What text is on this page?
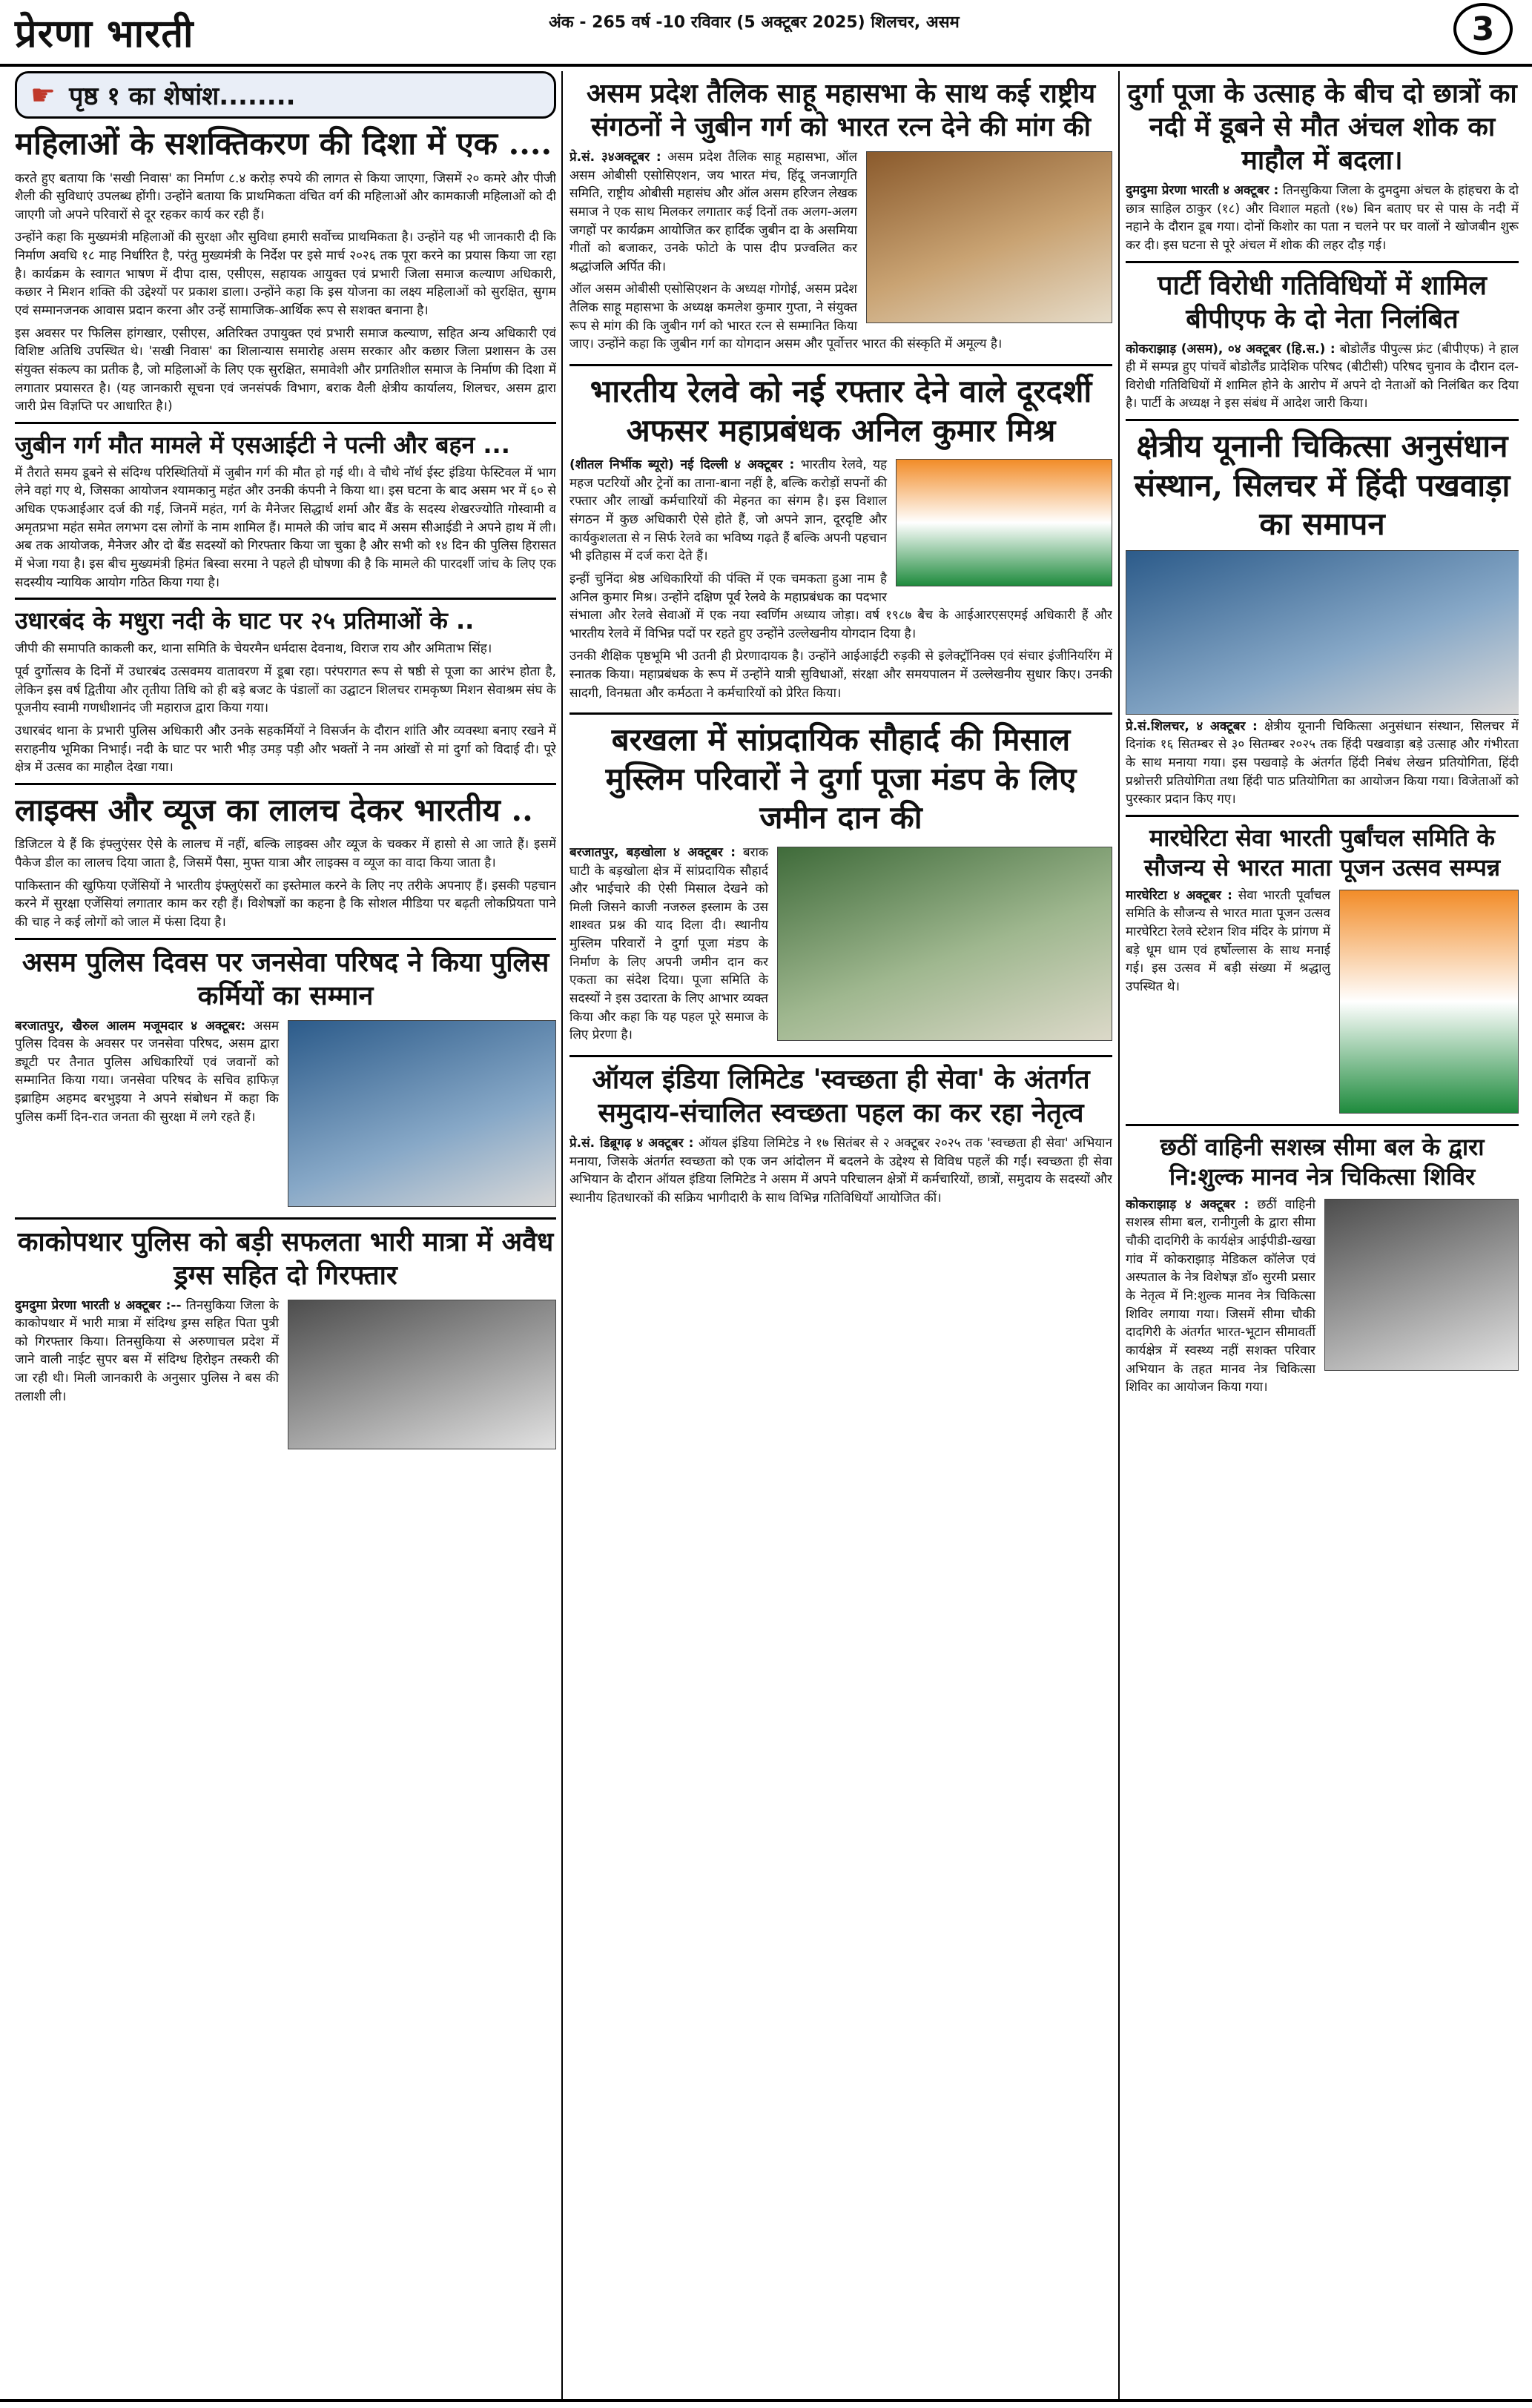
प्रेरणा भारती	अंक - 265 वर्ष -10 रविवार (5 अक्टूबर 2025) शिलचर, असम	3
☛ पृष्ठ १ का शेषांश........
महिलाओं के सशक्तिकरण की दिशा में एक ....

करते हुए बताया कि 'सखी निवास' का निर्माण ८.४ करोड़ रुपये की लागत से किया जाएगा, जिसमें २० कमरे और पीजी शैली की सुविधाएं उपलब्ध होंगी। उन्होंने बताया कि प्राथमिकता वंचित वर्ग की महिलाओं और कामकाजी महिलाओं को दी जाएगी जो अपने परिवारों से दूर रहकर कार्य कर रही हैं।

उन्होंने कहा कि मुख्यमंत्री महिलाओं की सुरक्षा और सुविधा हमारी सर्वोच्च प्राथमिकता है। उन्होंने यह भी जानकारी दी कि निर्माण अवधि १८ माह निर्धारित है, परंतु मुख्यमंत्री के निर्देश पर इसे मार्च २०२६ तक पूरा करने का प्रयास किया जा रहा है। कार्यक्रम के स्वागत भाषण में दीपा दास, एसीएस, सहायक आयुक्त एवं प्रभारी जिला समाज कल्याण अधिकारी, कछार ने मिशन शक्ति की उद्देश्यों पर प्रकाश डाला। उन्होंने कहा कि इस योजना का लक्ष्य महिलाओं को सुरक्षित, सुगम एवं सम्मानजनक आवास प्रदान करना और उन्हें सामाजिक-आर्थिक रूप से सशक्त बनाना है।

इस अवसर पर फिलिस हांगखार, एसीएस, अतिरिक्त उपायुक्त एवं प्रभारी समाज कल्याण, सहित अन्य अधिकारी एवं विशिष्ट अतिथि उपस्थित थे। 'सखी निवास' का शिलान्यास समारोह असम सरकार और कछार जिला प्रशासन के उस संयुक्त संकल्प का प्रतीक है, जो महिलाओं के लिए एक सुरक्षित, समावेशी और प्रगतिशील समाज के निर्माण की दिशा में लगातार प्रयासरत है। (यह जानकारी सूचना एवं जनसंपर्क विभाग, बराक वैली क्षेत्रीय कार्यालय, शिलचर, असम द्वारा जारी प्रेस विज्ञप्ति पर आधारित है।)

जुबीन गर्ग मौत मामले में एसआईटी ने पत्नी और बहन ...

में तैराते समय डूबने से संदिग्ध परिस्थितियों में जुबीन गर्ग की मौत हो गई थी। वे चौथे नॉर्थ ईस्ट इंडिया फेस्टिवल में भाग लेने वहां गए थे, जिसका आयोजन श्यामकानु महंत और उनकी कंपनी ने किया था। इस घटना के बाद असम भर में ६० से अधिक एफआईआर दर्ज की गई, जिनमें महंत, गर्ग के मैनेजर सिद्धार्थ शर्मा और बैंड के सदस्य शेखरज्योति गोस्वामी व अमृतप्रभा महंत समेत लगभग दस लोगों के नाम शामिल हैं। मामले की जांच बाद में असम सीआईडी ने अपने हाथ में ली। अब तक आयोजक, मैनेजर और दो बैंड सदस्यों को गिरफ्तार किया जा चुका है और सभी को १४ दिन की पुलिस हिरासत में भेजा गया है। इस बीच मुख्यमंत्री हिमंत बिस्वा सरमा ने पहले ही घोषणा की है कि मामले की पारदर्शी जांच के लिए एक सदस्यीय न्यायिक आयोग गठित किया गया है।

उधारबंद के मधुरा नदी के घाट पर २५ प्रतिमाओं के ..

जीपी की समापति काकली कर, थाना समिति के चेयरमैन धर्मदास देवनाथ, विराज राय और अमिताभ सिंह।

पूर्व दुर्गोत्सव के दिनों में उधारबंद उत्सवमय वातावरण में डूबा रहा। परंपरागत रूप से षष्ठी से पूजा का आरंभ होता है, लेकिन इस वर्ष द्वितीया और तृतीया तिथि को ही बड़े बजट के पंडालों का उद्घाटन शिलचर रामकृष्ण मिशन सेवाश्रम संघ के पूजनीय स्वामी गणधीशानंद जी महाराज द्वारा किया गया।

उधारबंद थाना के प्रभारी पुलिस अधिकारी और उनके सहकर्मियों ने विसर्जन के दौरान शांति और व्यवस्था बनाए रखने में सराहनीय भूमिका निभाई। नदी के घाट पर भारी भीड़ उमड़ पड़ी और भक्तों ने नम आंखों से मां दुर्गा को विदाई दी। पूरे क्षेत्र में उत्सव का माहौल देखा गया।

लाइक्स और व्यूज का लालच देकर भारतीय ..

डिजिटल ये हैं कि इंफ्लुएंसर ऐसे के लालच में नहीं, बल्कि लाइक्स और व्यूज के चक्कर में हासो से आ जाते हैं। इसमें पैकेज डील का लालच दिया जाता है, जिसमें पैसा, मुफ्त यात्रा और लाइक्स व व्यूज का वादा किया जाता है।

पाकिस्तान की खुफिया एजेंसियों ने भारतीय इंफ्लुएंसरों का इस्तेमाल करने के लिए नए तरीके अपनाए हैं। इसकी पहचान करने में सुरक्षा एजेंसियां लगातार काम कर रही हैं। विशेषज्ञों का कहना है कि सोशल मीडिया पर बढ़ती लोकप्रियता पाने की चाह ने कई लोगों को जाल में फंसा दिया है।

असम पुलिस दिवस पर जनसेवा परिषद ने किया पुलिस कर्मियों का सम्मान

बरजातपुर, खैरुल आलम मजूमदार ४ अक्टूबर: असम पुलिस दिवस के अवसर पर जनसेवा परिषद, असम द्वारा ड्यूटी पर तैनात पुलिस अधिकारियों एवं जवानों को सम्मानित किया गया। जनसेवा परिषद के सचिव हाफिज़ इब्राहिम अहमद बरभुइया ने अपने संबोधन में कहा कि पुलिस कर्मी दिन-रात जनता की सुरक्षा में लगे रहते हैं।

काकोपथार पुलिस को बड़ी सफलता भारी मात्रा में अवैध ड्रग्स सहित दो गिरफ्तार

दुमदुमा प्रेरणा भारती ४ अक्टूबर :-- तिनसुकिया जिला के काकोपथार में भारी मात्रा में संदिग्ध ड्रग्स सहित पिता पुत्री को गिरफ्तार किया। तिनसुकिया से अरुणाचल प्रदेश में जाने वाली नाईट सुपर बस में संदिग्ध हिरोइन तस्करी की जा रही थी। मिली जानकारी के अनुसार पुलिस ने बस की तलाशी ली।

असम प्रदेश तैलिक साहू महासभा के साथ कई राष्ट्रीय संगठनों ने जुबीन गर्ग को भारत रत्न देने की मांग की

प्रे.सं. ३४अक्टूबर : असम प्रदेश तैलिक साहू महासभा, ऑल असम ओबीसी एसोसिएशन, जय भारत मंच, हिंदू जनजागृति समिति, राष्ट्रीय ओबीसी महासंघ और ऑल असम हरिजन लेखक समाज ने एक साथ मिलकर लगातार कई दिनों तक अलग-अलग जगहों पर कार्यक्रम आयोजित कर हार्दिक जुबीन दा के असमिया गीतों को बजाकर, उनके फोटो के पास दीप प्रज्वलित कर श्रद्धांजलि अर्पित की।

ऑल असम ओबीसी एसोसिएशन के अध्यक्ष गोगोई, असम प्रदेश तैलिक साहू महासभा के अध्यक्ष कमलेश कुमार गुप्ता, ने संयुक्त रूप से मांग की कि जुबीन गर्ग को भारत रत्न से सम्मानित किया जाए। उन्होंने कहा कि जुबीन गर्ग का योगदान असम और पूर्वोत्तर भारत की संस्कृति में अमूल्य है।

भारतीय रेलवे को नई रफ्तार देने वाले दूरदर्शी अफसर महाप्रबंधक अनिल कुमार मिश्र

(शीतल निर्भीक ब्यूरो) नई दिल्ली ४ अक्टूबर : भारतीय रेलवे, यह महज पटरियों और ट्रेनों का ताना-बाना नहीं है, बल्कि करोड़ों सपनों की रफ्तार और लाखों कर्मचारियों की मेहनत का संगम है। इस विशाल संगठन में कुछ अधिकारी ऐसे होते हैं, जो अपने ज्ञान, दूरदृष्टि और कार्यकुशलता से न सिर्फ रेलवे का भविष्य गढ़ते हैं बल्कि अपनी पहचान भी इतिहास में दर्ज करा देते हैं।

इन्हीं चुनिंदा श्रेष्ठ अधिकारियों की पंक्ति में एक चमकता हुआ नाम है अनिल कुमार मिश्र। उन्होंने दक्षिण पूर्व रेलवे के महाप्रबंधक का पदभार संभाला और रेलवे सेवाओं में एक नया स्वर्णिम अध्याय जोड़ा। वर्ष १९८७ बैच के आईआरएसएमई अधिकारी हैं और भारतीय रेलवे में विभिन्न पदों पर रहते हुए उन्होंने उल्लेखनीय योगदान दिया है।

उनकी शैक्षिक पृष्ठभूमि भी उतनी ही प्रेरणादायक है। उन्होंने आईआईटी रुड़की से इलेक्ट्रॉनिक्स एवं संचार इंजीनियरिंग में स्नातक किया। महाप्रबंधक के रूप में उन्होंने यात्री सुविधाओं, संरक्षा और समयपालन में उल्लेखनीय सुधार किए। उनकी सादगी, विनम्रता और कर्मठता ने कर्मचारियों को प्रेरित किया।

बरखला में सांप्रदायिक सौहार्द की मिसाल मुस्लिम परिवारों ने दुर्गा पूजा मंडप के लिए जमीन दान की

बरजातपुर, बड़खोला ४ अक्टूबर : बराक घाटी के बड़खोला क्षेत्र में सांप्रदायिक सौहार्द और भाईचारे की ऐसी मिसाल देखने को मिली जिसने काजी नजरुल इस्लाम के उस शाश्वत प्रश्न की याद दिला दी। स्थानीय मुस्लिम परिवारों ने दुर्गा पूजा मंडप के निर्माण के लिए अपनी जमीन दान कर एकता का संदेश दिया। पूजा समिति के सदस्यों ने इस उदारता के लिए आभार व्यक्त किया और कहा कि यह पहल पूरे समाज के लिए प्रेरणा है।

ऑयल इंडिया लिमिटेड 'स्वच्छता ही सेवा' के अंतर्गत समुदाय-संचालित स्वच्छता पहल का कर रहा नेतृत्व

प्रे.सं. डिब्रूगढ़ ४ अक्टूबर : ऑयल इंडिया लिमिटेड ने १७ सितंबर से २ अक्टूबर २०२५ तक 'स्वच्छता ही सेवा' अभियान मनाया, जिसके अंतर्गत स्वच्छता को एक जन आंदोलन में बदलने के उद्देश्य से विविध पहलें की गईं। स्वच्छता ही सेवा अभियान के दौरान ऑयल इंडिया लिमिटेड ने असम में अपने परिचालन क्षेत्रों में कर्मचारियों, छात्रों, समुदाय के सदस्यों और स्थानीय हितधारकों की सक्रिय भागीदारी के साथ विभिन्न गतिविधियाँ आयोजित कीं।

दुर्गा पूजा के उत्साह के बीच दो छात्रों का नदी में डूबने से मौत अंचल शोक का माहौल में बदला।

दुमदुमा प्रेरणा भारती ४ अक्टूबर : तिनसुकिया जिला के दुमदुमा अंचल के हांहचरा के दो छात्र साहिल ठाकुर (१८) और विशाल महतो (१७) बिन बताए घर से पास के नदी में नहाने के दौरान डूब गया। दोनों किशोर का पता न चलने पर घर वालों ने खोजबीन शुरू कर दी। इस घटना से पूरे अंचल में शोक की लहर दौड़ गई।

पार्टी विरोधी गतिविधियों में शामिल बीपीएफ के दो नेता निलंबित

कोकराझाड़ (असम), ०४ अक्टूबर (हि.स.) : बोडोलैंड पीपुल्स फ्रंट (बीपीएफ) ने हाल ही में सम्पन्न हुए पांचवें बोडोलैंड प्रादेशिक परिषद (बीटीसी) परिषद चुनाव के दौरान दल-विरोधी गतिविधियों में शामिल होने के आरोप में अपने दो नेताओं को निलंबित कर दिया है। पार्टी के अध्यक्ष ने इस संबंध में आदेश जारी किया।

क्षेत्रीय यूनानी चिकित्सा अनुसंधान संस्थान, सिलचर में हिंदी पखवाड़ा का समापन

प्रे.सं.शिलचर, ४ अक्टूबर : क्षेत्रीय यूनानी चिकित्सा अनुसंधान संस्थान, सिलचर में दिनांक १६ सितम्बर से ३० सितम्बर २०२५ तक हिंदी पखवाड़ा बड़े उत्साह और गंभीरता के साथ मनाया गया। इस पखवाड़े के अंतर्गत हिंदी निबंध लेखन प्रतियोगिता, हिंदी प्रश्नोत्तरी प्रतियोगिता तथा हिंदी पाठ प्रतियोगिता का आयोजन किया गया। विजेताओं को पुरस्कार प्रदान किए गए।

मारघेरिटा सेवा भारती पुर्बांचल समिति के सौजन्य से भारत माता पूजन उत्सव सम्पन्न

मारघेरिटा ४ अक्टूबर : सेवा भारती पूर्वांचल समिति के सौजन्य से भारत माता पूजन उत्सव मारघेरिटा रेलवे स्टेशन शिव मंदिर के प्रांगण में बड़े धूम धाम एवं हर्षोल्लास के साथ मनाई गई। इस उत्सव में बड़ी संख्या में श्रद्धालु उपस्थित थे।

छठीं वाहिनी सशस्त्र सीमा बल के द्वारा नि:शुल्क मानव नेत्र चिकित्सा शिविर

कोकराझाड़ ४ अक्टूबर : छठीं वाहिनी सशस्त्र सीमा बल, रानीगुली के द्वारा सीमा चौकी दादगिरी के कार्यक्षेत्र आईपीडी-खखा गांव में कोकराझाड़ मेडिकल कॉलेज एवं अस्पताल के नेत्र विशेषज्ञ डॉ० सुरमी प्रसार के नेतृत्व में नि:शुल्क मानव नेत्र चिकित्सा शिविर लगाया गया। जिसमें सीमा चौकी दादगिरी के अंतर्गत भारत-भूटान सीमावर्ती कार्यक्षेत्र में स्वस्थ्य नहीं सशक्त परिवार अभियान के तहत मानव नेत्र चिकित्सा शिविर का आयोजन किया गया।
